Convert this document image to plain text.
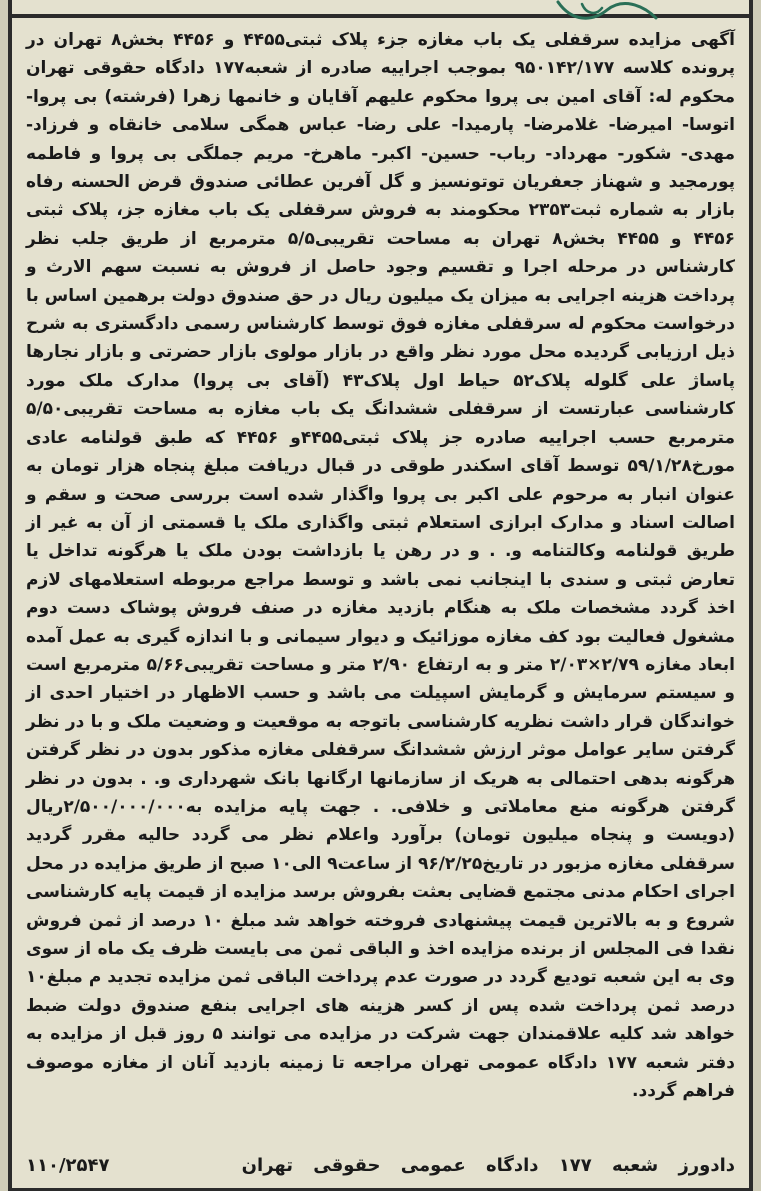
آگهی مزایده سرقفلی یک باب مغازه جزء پلاک ثبتی۴۴۵۵ و ۴۴۵۶ بخش۸ تهران در پرونده کلاسه ۹۵۰۱۴۲/۱۷۷ بموجب اجراییه صادره از شعبه۱۷۷ دادگاه حقوقی تهران محکوم له: آقای امین بی پروا محکوم علیهم آقایان و خانمها زهرا (فرشته) بی پروا- اتوسا- امیرضا- غلامرضا- پارمیدا- علی رضا- عباس همگی سلامی خانقاه و فرزاد- مهدی- شکور- مهرداد- رباب- حسین- اکبر- ماهرخ- مریم جملگی بی پروا و فاطمه پورمجید و شهناز جعفریان توتونسیز و گل آفرین عطائی صندوق قرض الحسنه رفاه بازار به شماره ثبت۲۳۵۳ محکومند به فروش سرقفلی یک باب مغازه جز، پلاک ثبتی ۴۴۵۶ و ۴۴۵۵ بخش۸ تهران به مساحت تقریبی۵/۵ مترمربع از طریق جلب نظر کارشناس در مرحله اجرا و تقسیم وجود حاصل از فروش به نسبت سهم الارث و پرداخت هزینه اجرایی به میزان یک میلیون ریال در حق صندوق دولت برهمین اساس با درخواست محکوم له سرقفلی مغازه فوق توسط کارشناس رسمی دادگستری به شرح ذیل ارزیابی گردیده محل مورد نظر واقع در بازار مولوی بازار حضرتی و بازار نجارها پاساژ علی گلوله پلاک۵۲ حیاط اول پلاک۴۳ (آقای بی پروا) مدارک ملک مورد کارشناسی عبارتست از سرقفلی ششدانگ یک باب مغازه به مساحت تقریبی۵/۵۰ مترمربع حسب اجراییه صادره جز پلاک ثبتی۴۴۵۵و ۴۴۵۶ که طبق قولنامه عادی مورخ۵۹/۱/۲۸ توسط آقای اسکندر طوقی در قبال دریافت مبلغ پنجاه هزار تومان به عنوان انبار به مرحوم علی اکبر بی پروا واگذار شده است بررسی صحت و سقم و اصالت اسناد و مدارک ابرازی استعلام ثبتی واگذاری ملک یا قسمتی از آن به غیر از طریق قولنامه وکالتنامه و. . و در رهن یا بازداشت بودن ملک یا هرگونه تداخل یا تعارض ثبتی و سندی با اینجانب نمی باشد و توسط مراجع مربوطه استعلامهای لازم اخذ گردد مشخصات ملک به هنگام بازدید مغازه در صنف فروش پوشاک دست دوم مشغول فعالیت بود کف مغازه موزائیک و دیوار سیمانی و با اندازه گیری به عمل آمده ابعاد مغازه ۲/۷۹×۲/۰۳ متر و به ارتفاع ۲/۹۰ متر و مساحت تقریبی۵/۶۶ مترمربع است و سیستم سرمایش و گرمایش اسپیلت می باشد و حسب الاظهار در اختیار احدی از خواندگان قرار داشت نظریه کارشناسی باتوجه به موقعیت و وضعیت ملک و با در نظر گرفتن سایر عوامل موثر ارزش ششدانگ سرقفلی مغازه مذکور بدون در نظر گرفتن هرگونه بدهی احتمالی به هریک از سازمانها ارگانها بانک شهرداری و. . بدون در نظر گرفتن هرگونه منع معاملاتی و خلافی. . جهت پایه مزایده به۲/۵۰۰/۰۰۰/۰۰۰ریال (دویست و پنجاه میلیون تومان) برآورد واعلام نظر می گردد حالیه مقرر گردید سرقفلی مغازه مزبور در تاریخ۹۶/۲/۲۵ از ساعت۹ الی۱۰ صبح از طریق مزایده در محل اجرای احکام مدنی مجتمع قضایی بعثت بفروش برسد مزایده از قیمت پایه کارشناسی شروع و به بالاترین قیمت پیشنهادی فروخته خواهد شد مبلغ ۱۰ درصد از ثمن فروش نقدا فی المجلس از برنده مزایده اخذ و الباقی ثمن می بایست ظرف یک ماه از سوی وی به این شعبه تودیع گردد در صورت عدم پرداخت الباقی ثمن مزایده تجدید م مبلغ۱۰ درصد ثمن پرداخت شده پس از کسر هزینه های اجرایی بنفع صندوق دولت ضبط خواهد شد کلیه علاقمندان جهت شرکت در مزایده می توانند ۵ روز قبل از مزایده به دفتر شعبه ۱۷۷ دادگاه عمومی تهران مراجعه تا زمینه بازدید آنان از مغازه موصوف فراهم گردد.
دادورز شعبه ۱۷۷ دادگاه عمومی حقوقی تهران
۱۱۰/۲۵۴۷
